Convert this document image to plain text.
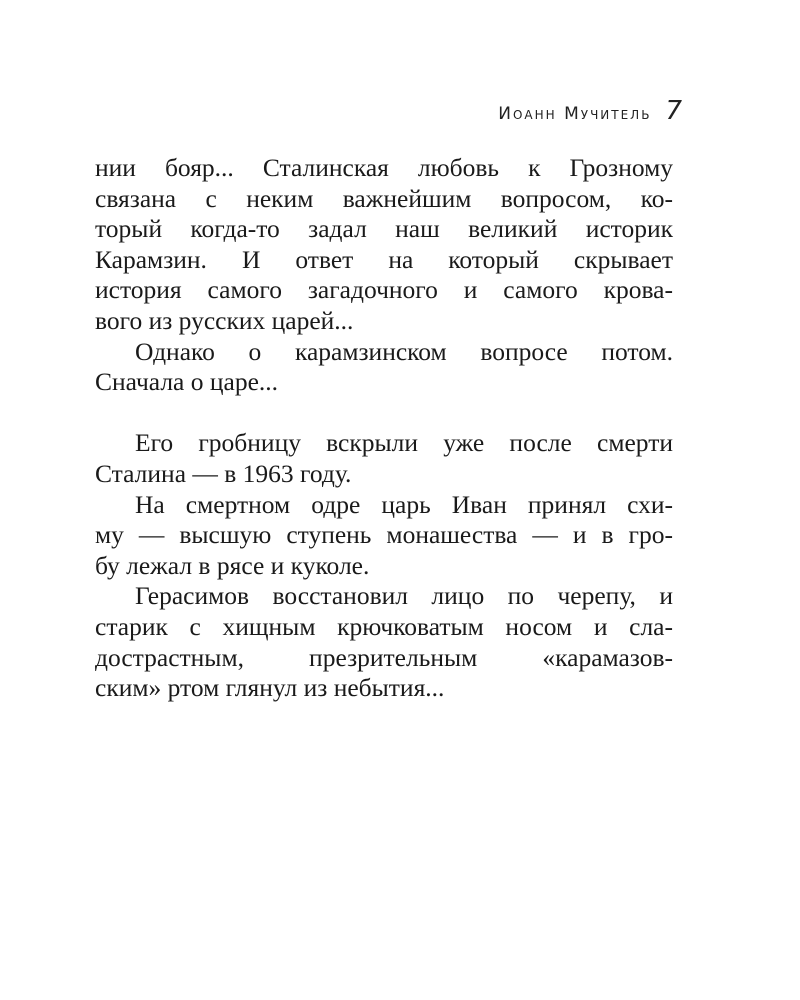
Иоанн Мучитель 7
нии бояр... Сталинская любовь к Грозному
связана с неким важнейшим вопросом, ко-
торый когда-то задал наш великий историк
Карамзин. И ответ на который скрывает
история самого загадочного и самого крова-
вого из русских царей...
Однако о карамзинском вопросе потом.
Сначала о царе...
Его гробницу вскрыли уже после смерти
Сталина — в 1963 году.
На смертном одре царь Иван принял схи-
му — высшую ступень монашества — и в гро-
бу лежал в рясе и куколе.
Герасимов восстановил лицо по черепу, и
старик с хищным крючковатым носом и сла-
дострастным, презрительным «карамазов-
ским» ртом глянул из небытия...
